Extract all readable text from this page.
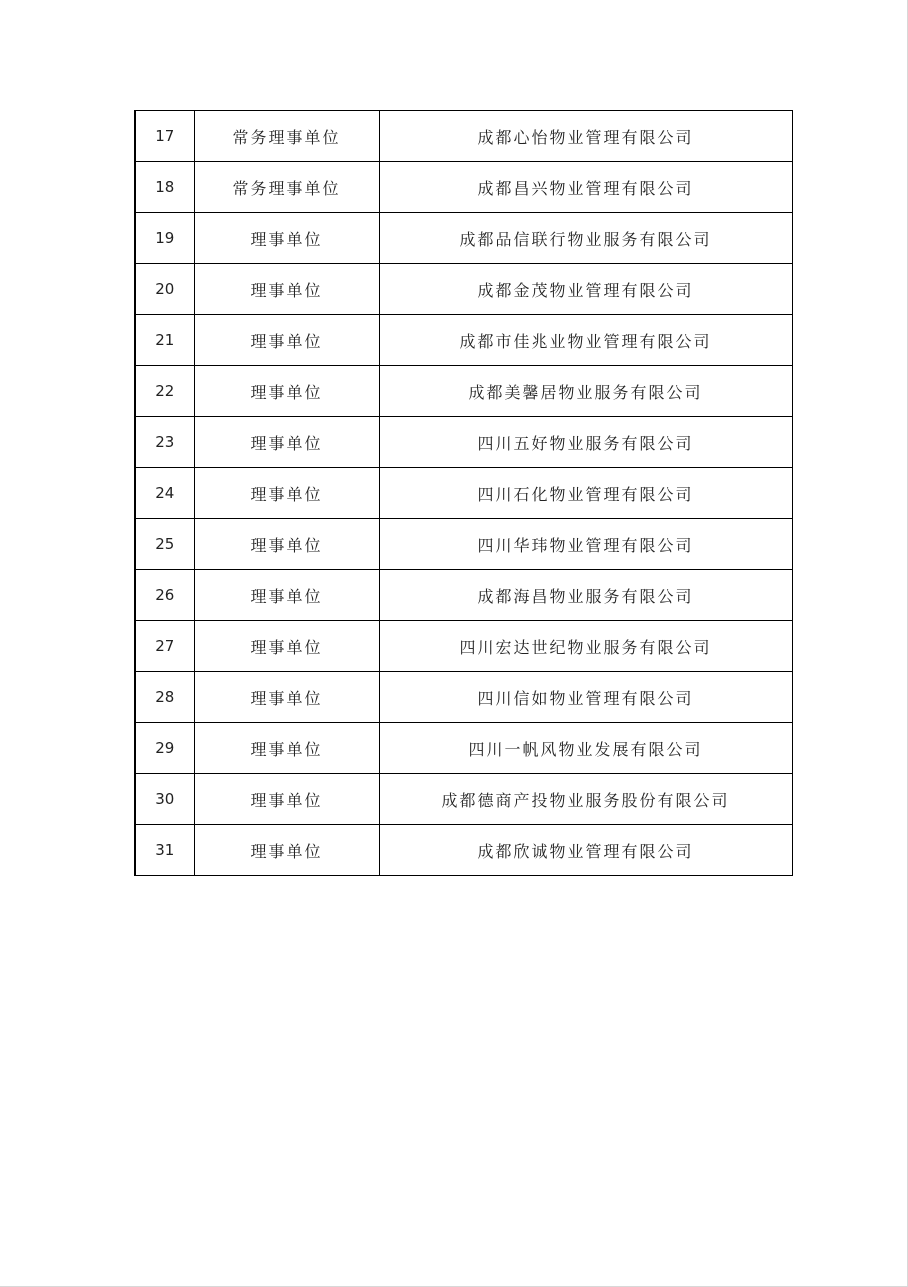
17	常务理事单位	成都心怡物业管理有限公司
18	常务理事单位	成都昌兴物业管理有限公司
19	理事单位	成都品信联行物业服务有限公司
20	理事单位	成都金茂物业管理有限公司
21	理事单位	成都市佳兆业物业管理有限公司
22	理事单位	成都美馨居物业服务有限公司
23	理事单位	四川五好物业服务有限公司
24	理事单位	四川石化物业管理有限公司
25	理事单位	四川华玮物业管理有限公司
26	理事单位	成都海昌物业服务有限公司
27	理事单位	四川宏达世纪物业服务有限公司
28	理事单位	四川信如物业管理有限公司
29	理事单位	四川一帆风物业发展有限公司
30	理事单位	成都德商产投物业服务股份有限公司
31	理事单位	成都欣诚物业管理有限公司
